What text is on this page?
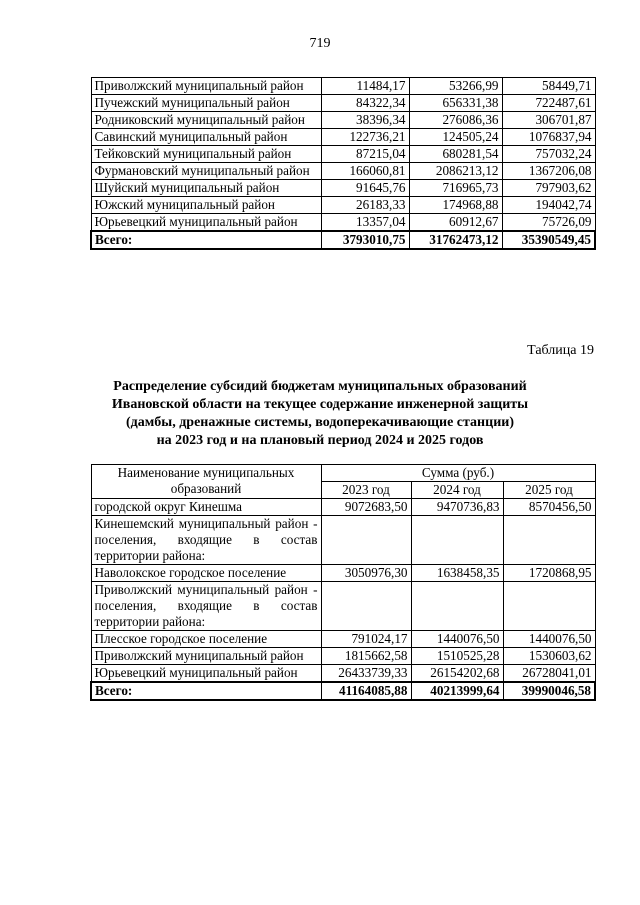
719
Приволжский муниципальный район	11484,17	53266,99	58449,71
Пучежский муниципальный район	84322,34	656331,38	722487,61
Родниковский муниципальный район	38396,34	276086,36	306701,87
Савинский муниципальный район	122736,21	124505,24	1076837,94
Тейковский муниципальный район	87215,04	680281,54	757032,24
Фурмановский муниципальный район	166060,81	2086213,12	1367206,08
Шуйский муниципальный район	91645,76	716965,73	797903,62
Южский муниципальный район	26183,33	174968,88	194042,74
Юрьевецкий муниципальный район	13357,04	60912,67	75726,09
Всего:	3793010,75	31762473,12	35390549,45
Таблица 19
Распределение субсидий бюджетам муниципальных образований
Ивановской области на текущее содержание инженерной защиты
(дамбы, дренажные системы, водоперекачивающие станции)
на 2023 год и на плановый период 2024 и 2025 годов
Наименование муниципальных образований	Сумма (руб.)		
	2023 год	2024 год	2025 год
городской округ Кинешма	9072683,50	9470736,83	8570456,50
Кинешемский муниципальный район - поселения, входящие в состав территории района:			
Наволокское городское поселение	3050976,30	1638458,35	1720868,95
Приволжский муниципальный район - поселения, входящие в состав территории района:			
Плесское городское поселение	791024,17	1440076,50	1440076,50
Приволжский муниципальный район	1815662,58	1510525,28	1530603,62
Юрьевецкий муниципальный район	26433739,33	26154202,68	26728041,01
Всего:	41164085,88	40213999,64	39990046,58
